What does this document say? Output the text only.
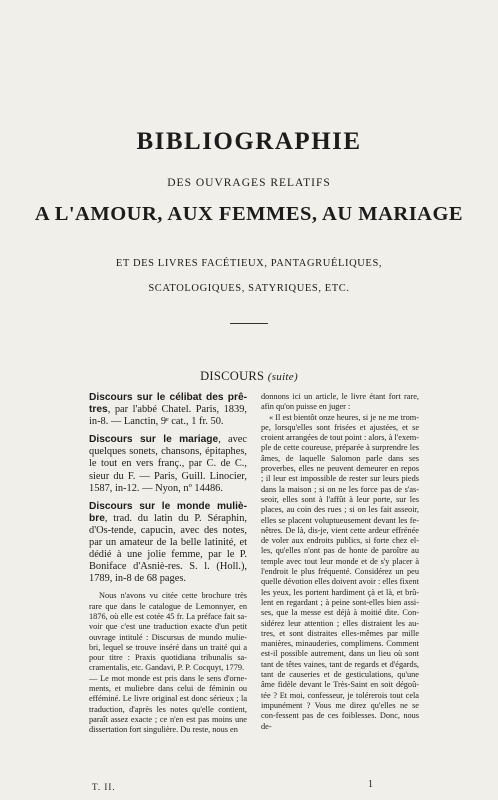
BIBLIOGRAPHIE
DES OUVRAGES RELATIFS
A L'AMOUR, AUX FEMMES, AU MARIAGE
ET DES LIVRES FACÉTIEUX, PANTAGRUÉLIQUES,
SCATOLOGIQUES, SATYRIQUES, ETC.
DISCOURS (suite)

Discours sur le célibat des prê-tres, par l'abbé Chatel. Paris, 1839, in-8. — Lanctin, 9ᵉ cat., 1 fr. 50.

Discours sur le mariage, avec quelques sonets, chansons, épitaphes, le tout en vers franç., par C. de C., sieur du F. — Paris, Guill. Linocier, 1587, in-12. — Nyon, nº 14486.

Discours sur le monde muliè-bre, trad. du latin du P. Séraphin, d'Os-tende, capucin, avec des notes, par un amateur de la belle latinité, et dédié à une jolie femme, par le P. Boniface d'Asniè-res. S. l. (Holl.), 1789, in-8 de 68 pages.

Nous n'avons vu citée cette brochure très rare que dans le catalogue de Lemonnyer, en 1876, où elle est cotée 45 fr. La préface fait sa-voir que c'est une traduction exacte d'un petit ouvrage intitulé : Discursus de mundo mulie-bri, lequel se trouve inséré dans un traité qui a pour titre : Praxis quotidiana tribunalis sa-cramentalis, etc. Gandavi, P. P. Cocquyt, 1779.

— Le mot monde est pris dans le sens d'orne-ments, et muliebre dans celui de féminin ou efféminé. Le livre original est donc sérieux ; la traduction, d'après les notes qu'elle contient, paraît assez exacte ; ce n'en est pas moins une dissertation fort singulière. Du reste, nous en

donnons ici un article, le livre étant fort rare, afin qu'on puisse en juger :

« Il est bientôt onze heures, si je ne me trom-pe, lorsqu'elles sont frisées et ajustées, et se croient arrangées de tout point : alors, à l'exem-ple de cette coureuse, préparée à surprendre les âmes, de laquelle Salomon parle dans ses proverbes, elles ne peuvent demeurer en repos ; il leur est impossible de rester sur leurs pieds dans la maison ; si on ne les force pas de s'as-seoir, elles sont à l'affût à leur porte, sur les places, au coin des rues ; si on les fait asseoir, elles se placent voluptueusement devant les fe-nêtres. De là, dis-je, vient cette ardeur effrénée de voler aux endroits publics, si forte chez el-les, qu'elles n'ont pas de honte de paroître au temple avec tout leur monde et de s'y placer à l'endroit le plus fréquenté. Considérez un peu quelle dévotion elles doivent avoir : elles fixent les yeux, les portent hardiment çà et là, et brû-lent en regardant ; à peine sont-elles bien assi-ses, que la messe est déjà à moitié dite. Con-sidérez leur attention ; elles distraient les au-tres, et sont distraites elles-mêmes par mille manières, minauderies, complimens. Comment est-il possible autrement, dans un lieu où sont tant de têtes vaines, tant de regards et d'égards, tant de causeries et de gesticulations, qu'une âme fidèle devant le Très-Saint en soit dégoû-tée ? Et moi, confesseur, je tolérerois tout cela impunément ? Vous me direz qu'elles ne se con-fessent pas de ces foiblesses. Donc, nous de-

T. II.	1
